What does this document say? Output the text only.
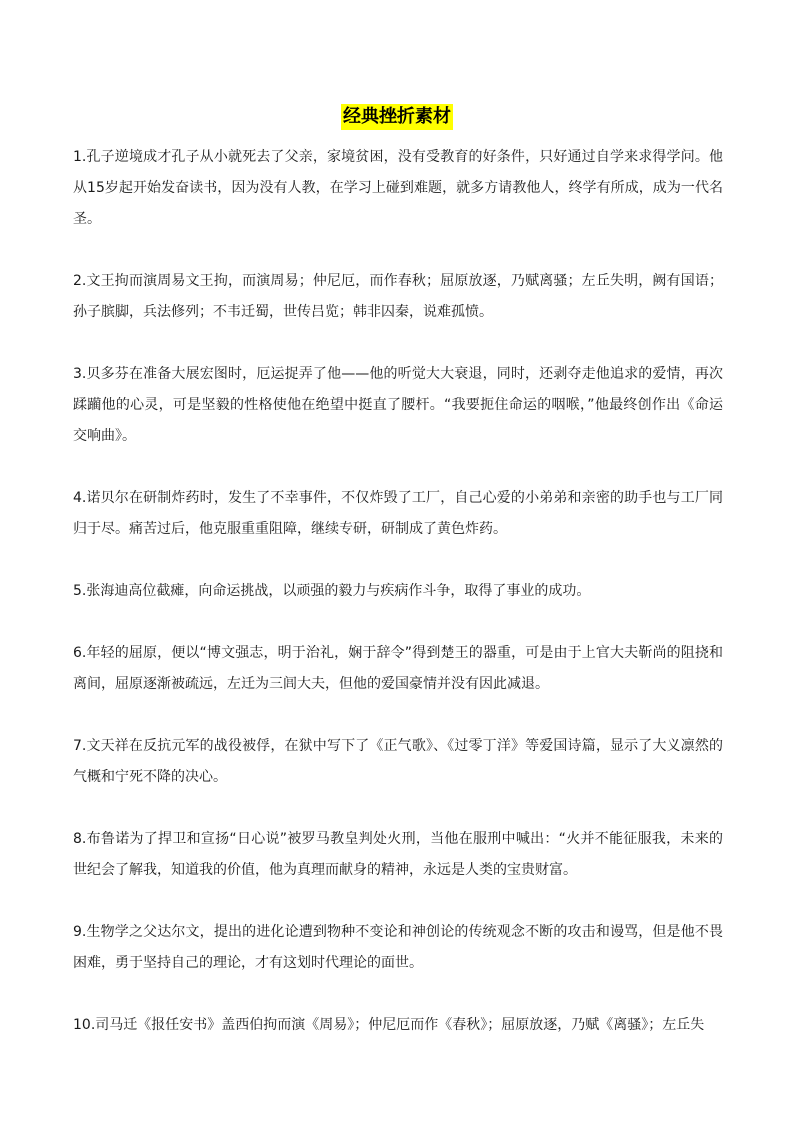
经典挫折素材

1.孔子逆境成才孔子从小就死去了父亲，家境贫困，没有受教育的好条件，只好通过自学来求得学问。他从15岁起开始发奋读书，因为没有人教，在学习上碰到难题，就多方请教他人，终学有所成，成为一代名圣。

2.文王拘而演周易文王拘，而演周易；仲尼厄，而作春秋；屈原放逐，乃赋离骚；左丘失明，阙有国语；孙子膑脚，兵法修列；不韦迁蜀，世传吕览；韩非囚秦，说难孤愤。

3.贝多芬在准备大展宏图时，厄运捉弄了他——他的听觉大大衰退，同时，还剥夺走他追求的爱情，再次蹂躏他的心灵，可是坚毅的性格使他在绝望中挺直了腰杆。“我要扼住命运的咽喉，”他最终创作出《命运交响曲》。

4.诺贝尔在研制炸药时，发生了不幸事件，不仅炸毁了工厂，自己心爱的小弟弟和亲密的助手也与工厂同归于尽。痛苦过后，他克服重重阻障，继续专研，研制成了黄色炸药。

5.张海迪高位截瘫，向命运挑战，以顽强的毅力与疾病作斗争，取得了事业的成功。

6.年轻的屈原，便以“博文强志，明于治礼，娴于辞令”得到楚王的器重，可是由于上官大夫靳尚的阻挠和离间，屈原逐渐被疏远，左迁为三闾大夫，但他的爱国豪情并没有因此减退。

7.文天祥在反抗元军的战役被俘，在狱中写下了《正气歌》、《过零丁洋》等爱国诗篇，显示了大义凛然的气概和宁死不降的决心。

8.布鲁诺为了捍卫和宣扬“日心说”被罗马教皇判处火刑，当他在服刑中喊出：“火并不能征服我，未来的世纪会了解我，知道我的价值，他为真理而献身的精神，永远是人类的宝贵财富。

9.生物学之父达尔文，提出的进化论遭到物种不变论和神创论的传统观念不断的攻击和谩骂，但是他不畏困难，勇于坚持自己的理论，才有这划时代理论的面世。

10.司马迁《报任安书》盖西伯拘而演《周易》；仲尼厄而作《春秋》；屈原放逐，乃赋《离骚》；左丘失
